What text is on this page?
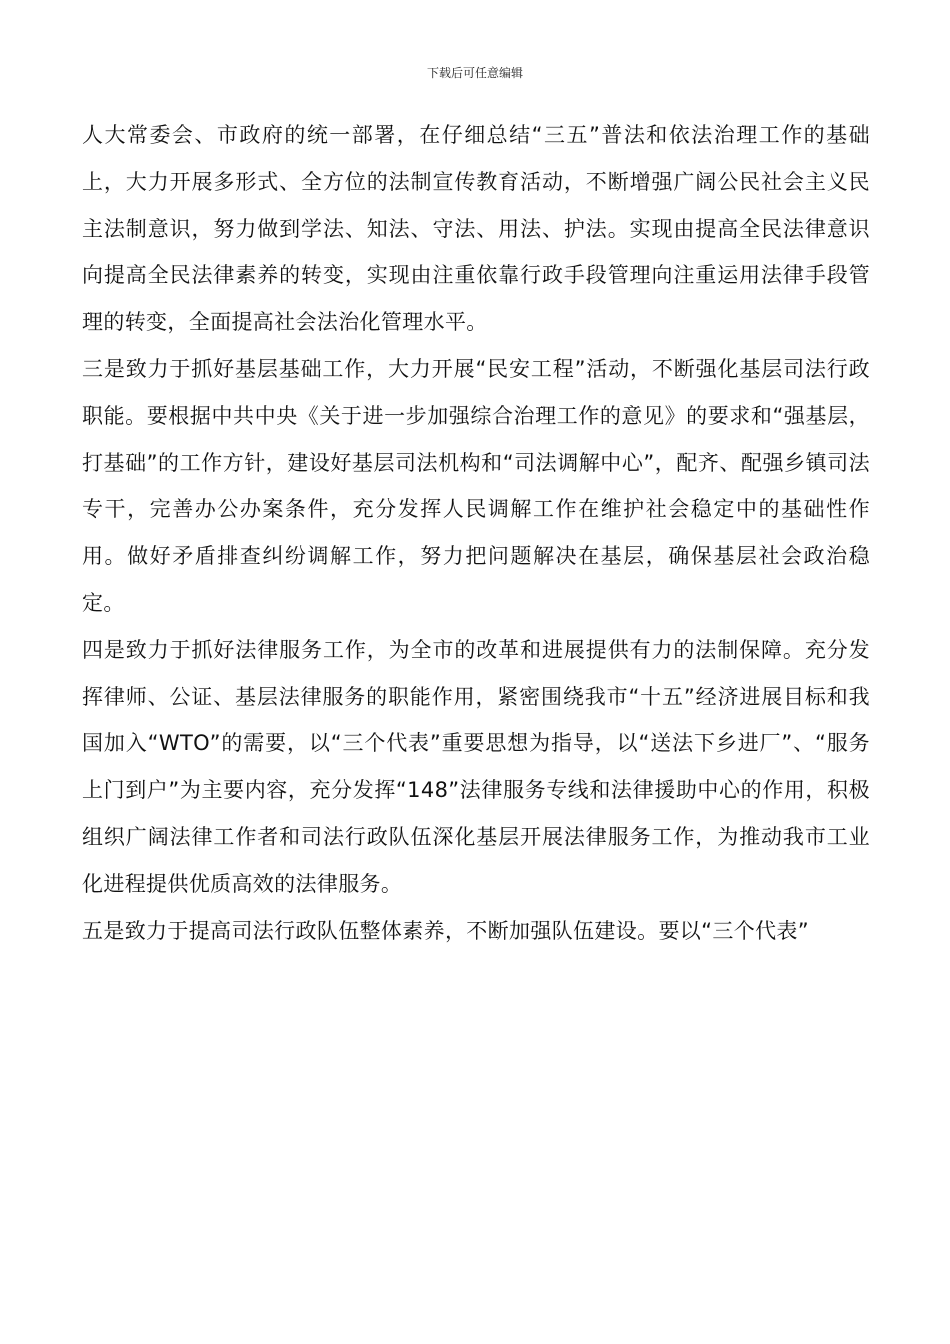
下载后可任意编辑

人大常委会、市政府的统一部署，在仔细总结“三五”普法和依法治理工作的基础上，大力开展多形式、全方位的法制宣传教育活动，不断增强广阔公民社会主义民主法制意识，努力做到学法、知法、守法、用法、护法。实现由提高全民法律意识向提高全民法律素养的转变，实现由注重依靠行政手段管理向注重运用法律手段管理的转变，全面提高社会法治化管理水平。

三是致力于抓好基层基础工作，大力开展“民安工程”活动，不断强化基层司法行政职能。要根据中共中央《关于进一步加强综合治理工作的意见》的要求和“强基层，打基础”的工作方针，建设好基层司法机构和“司法调解中心”，配齐、配强乡镇司法专干，完善办公办案条件，充分发挥人民调解工作在维护社会稳定中的基础性作用。做好矛盾排查纠纷调解工作，努力把问题解决在基层，确保基层社会政治稳定。

四是致力于抓好法律服务工作，为全市的改革和进展提供有力的法制保障。充分发挥律师、公证、基层法律服务的职能作用，紧密围绕我市“十五”经济进展目标和我国加入“WTO”的需要，以“三个代表”重要思想为指导，以“送法下乡进厂”、“服务上门到户”为主要内容，充分发挥“148”法律服务专线和法律援助中心的作用，积极组织广阔法律工作者和司法行政队伍深化基层开展法律服务工作，为推动我市工业化进程提供优质高效的法律服务。

五是致力于提高司法行政队伍整体素养，不断加强队伍建设。要以“三个代表”
